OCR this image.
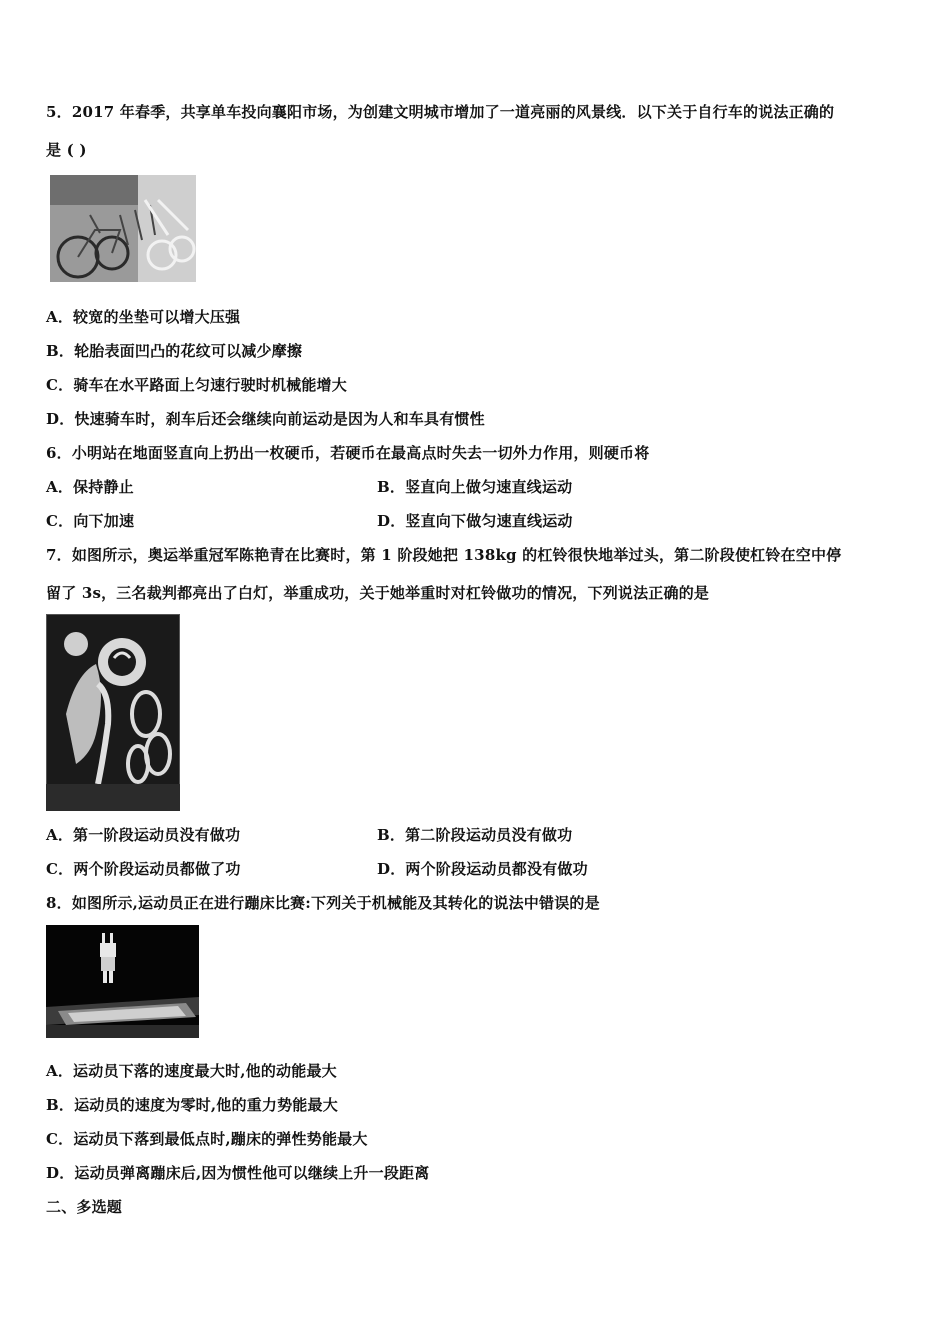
5．2017 年春季，共享单车投向襄阳市场，为创建文明城市增加了一道亮丽的风景线．以下关于自行车的说法正确的
是 ( )
A．较宽的坐垫可以增大压强
B．轮胎表面凹凸的花纹可以减少摩擦
C．骑车在水平路面上匀速行驶时机械能增大
D．快速骑车时，刹车后还会继续向前运动是因为人和车具有惯性
6．小明站在地面竖直向上扔出一枚硬币，若硬币在最高点时失去一切外力作用，则硬币将
A．保持静止	B．竖直向上做匀速直线运动
C．向下加速	D．竖直向下做匀速直线运动
7．如图所示，奥运举重冠军陈艳青在比赛时，第 1 阶段她把 138kg 的杠铃很快地举过头，第二阶段使杠铃在空中停
留了 3s，三名裁判都亮出了白灯，举重成功，关于她举重时对杠铃做功的情况，下列说法正确的是
A．第一阶段运动员没有做功	B．第二阶段运动员没有做功
C．两个阶段运动员都做了功	D．两个阶段运动员都没有做功
8．如图所示,运动员正在进行蹦床比赛:下列关于机械能及其转化的说法中错误的是
A．运动员下落的速度最大时,他的动能最大
B．运动员的速度为零时,他的重力势能最大
C．运动员下落到最低点时,蹦床的弹性势能最大
D．运动员弹离蹦床后,因为惯性他可以继续上升一段距离
二、多选题
